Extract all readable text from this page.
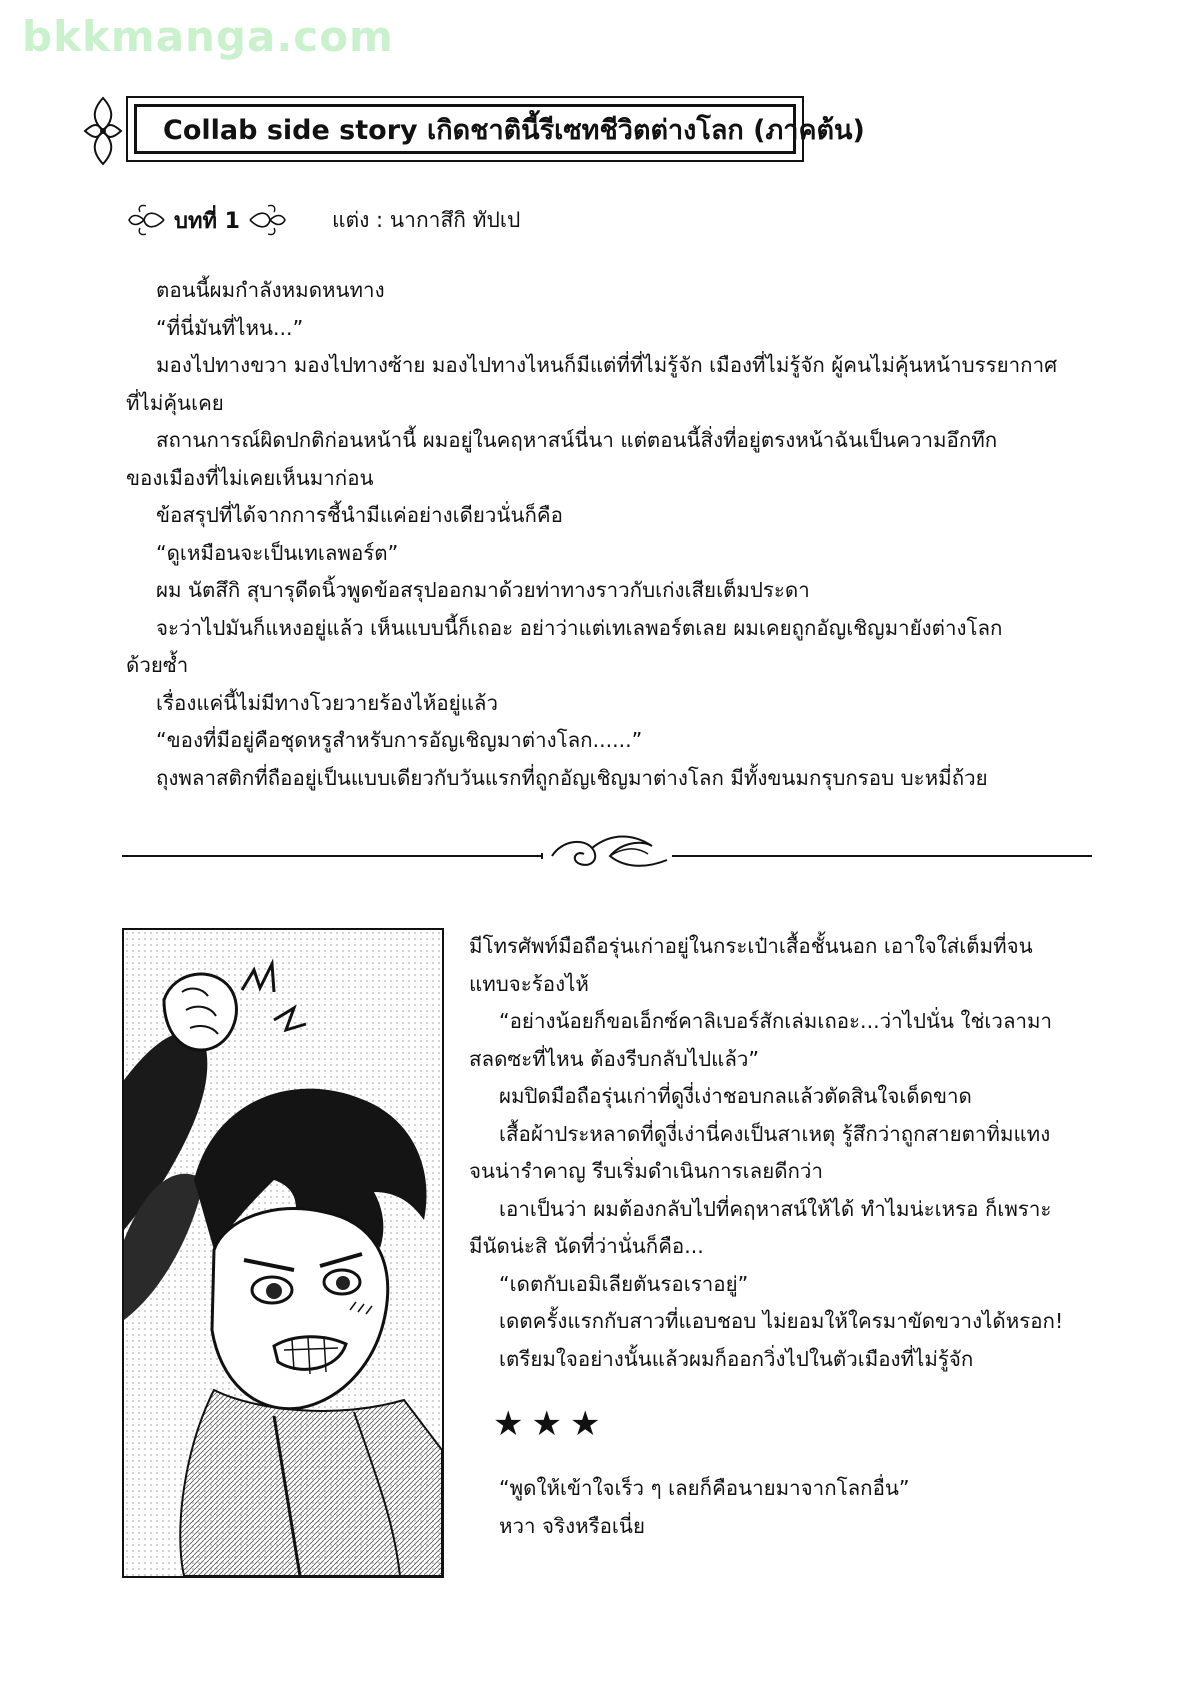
bkkmanga.com
Collab side story เกิดชาตินี้รีเซทชีวิตต่างโลก (ภาคต้น)
บทที่ 1	แต่ง : นากาสึกิ ทัปเป

ตอนนี้ผมกำลังหมดหนทาง

“ที่นี่มันที่ไหน...”

มองไปทางขวา มองไปทางซ้าย มองไปทางไหนก็มีแต่ที่ที่ไม่รู้จัก เมืองที่ไม่รู้จัก ผู้คนไม่คุ้นหน้าบรรยากาศ

ที่ไม่คุ้นเคย

สถานการณ์ผิดปกติก่อนหน้านี้ ผมอยู่ในคฤหาสน์นี่นา แต่ตอนนี้สิ่งที่อยู่ตรงหน้าฉันเป็นความอึกทึก

ของเมืองที่ไม่เคยเห็นมาก่อน

ข้อสรุปที่ได้จากการชี้นำมีแค่อย่างเดียวนั่นก็คือ

“ดูเหมือนจะเป็นเทเลพอร์ต”

ผม นัตสึกิ สุบารุดีดนิ้วพูดข้อสรุปออกมาด้วยท่าทางราวกับเก่งเสียเต็มประดา

จะว่าไปมันก็แหงอยู่แล้ว เห็นแบบนี้ก็เถอะ อย่าว่าแต่เทเลพอร์ตเลย ผมเคยถูกอัญเชิญมายังต่างโลก

ด้วยซ้ำ

เรื่องแค่นี้ไม่มีทางโวยวายร้องไห้อยู่แล้ว

“ของที่มีอยู่คือชุดหรูสำหรับการอัญเชิญมาต่างโลก......”

ถุงพลาสติกที่ถืออยู่เป็นแบบเดียวกับวันแรกที่ถูกอัญเชิญมาต่างโลก มีทั้งขนมกรุบกรอบ บะหมี่ถ้วย

มีโทรศัพท์มือถือรุ่นเก่าอยู่ในกระเป๋าเสื้อชั้นนอก เอาใจใส่เต็มที่จน

แทบจะร้องไห้

“อย่างน้อยก็ขอเอ็กซ์คาลิเบอร์สักเล่มเถอะ...ว่าไปนั่น ใช่เวลามา

สลดซะที่ไหน ต้องรีบกลับไปแล้ว”

ผมปิดมือถือรุ่นเก่าที่ดูงี่เง่าชอบกลแล้วตัดสินใจเด็ดขาด

เสื้อผ้าประหลาดที่ดูงี่เง่านี่คงเป็นสาเหตุ รู้สึกว่าถูกสายตาทิ่มแทง

จนน่ารำคาญ รีบเริ่มดำเนินการเลยดีกว่า

เอาเป็นว่า ผมต้องกลับไปที่คฤหาสน์ให้ได้ ทำไมน่ะเหรอ ก็เพราะ

มีนัดน่ะสิ นัดที่ว่านั่นก็คือ...

“เดตกับเอมิเลียตันรอเราอยู่”

เดตครั้งแรกกับสาวที่แอบชอบ ไม่ยอมให้ใครมาขัดขวางได้หรอก!

เตรียมใจอย่างนั้นแล้วผมก็ออกวิ่งไปในตัวเมืองที่ไม่รู้จัก

★★★

“พูดให้เข้าใจเร็ว ๆ เลยก็คือนายมาจากโลกอื่น”

หวา จริงหรือเนี่ย
